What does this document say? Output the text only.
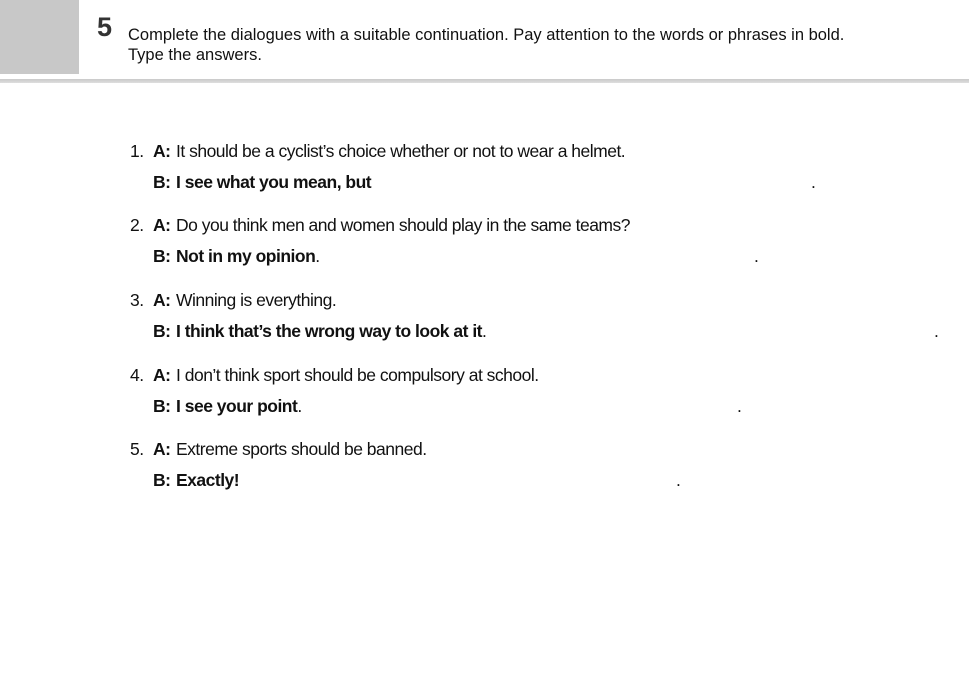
5 Complete the dialogues with a suitable continuation. Pay attention to the words or phrases in bold.
Type the answers.
1. A: It should be a cyclist’s choice whether or not to wear a helmet.
B: I see what you mean, but	.
2. A: Do you think men and women should play in the same teams?
B: Not in my opinion.	.
3. A: Winning is everything.
B: I think that’s the wrong way to look at it.	.
4. A: I don’t think sport should be compulsory at school.
B: I see your point.	.
5. A: Extreme sports should be banned.
B: Exactly!	.
